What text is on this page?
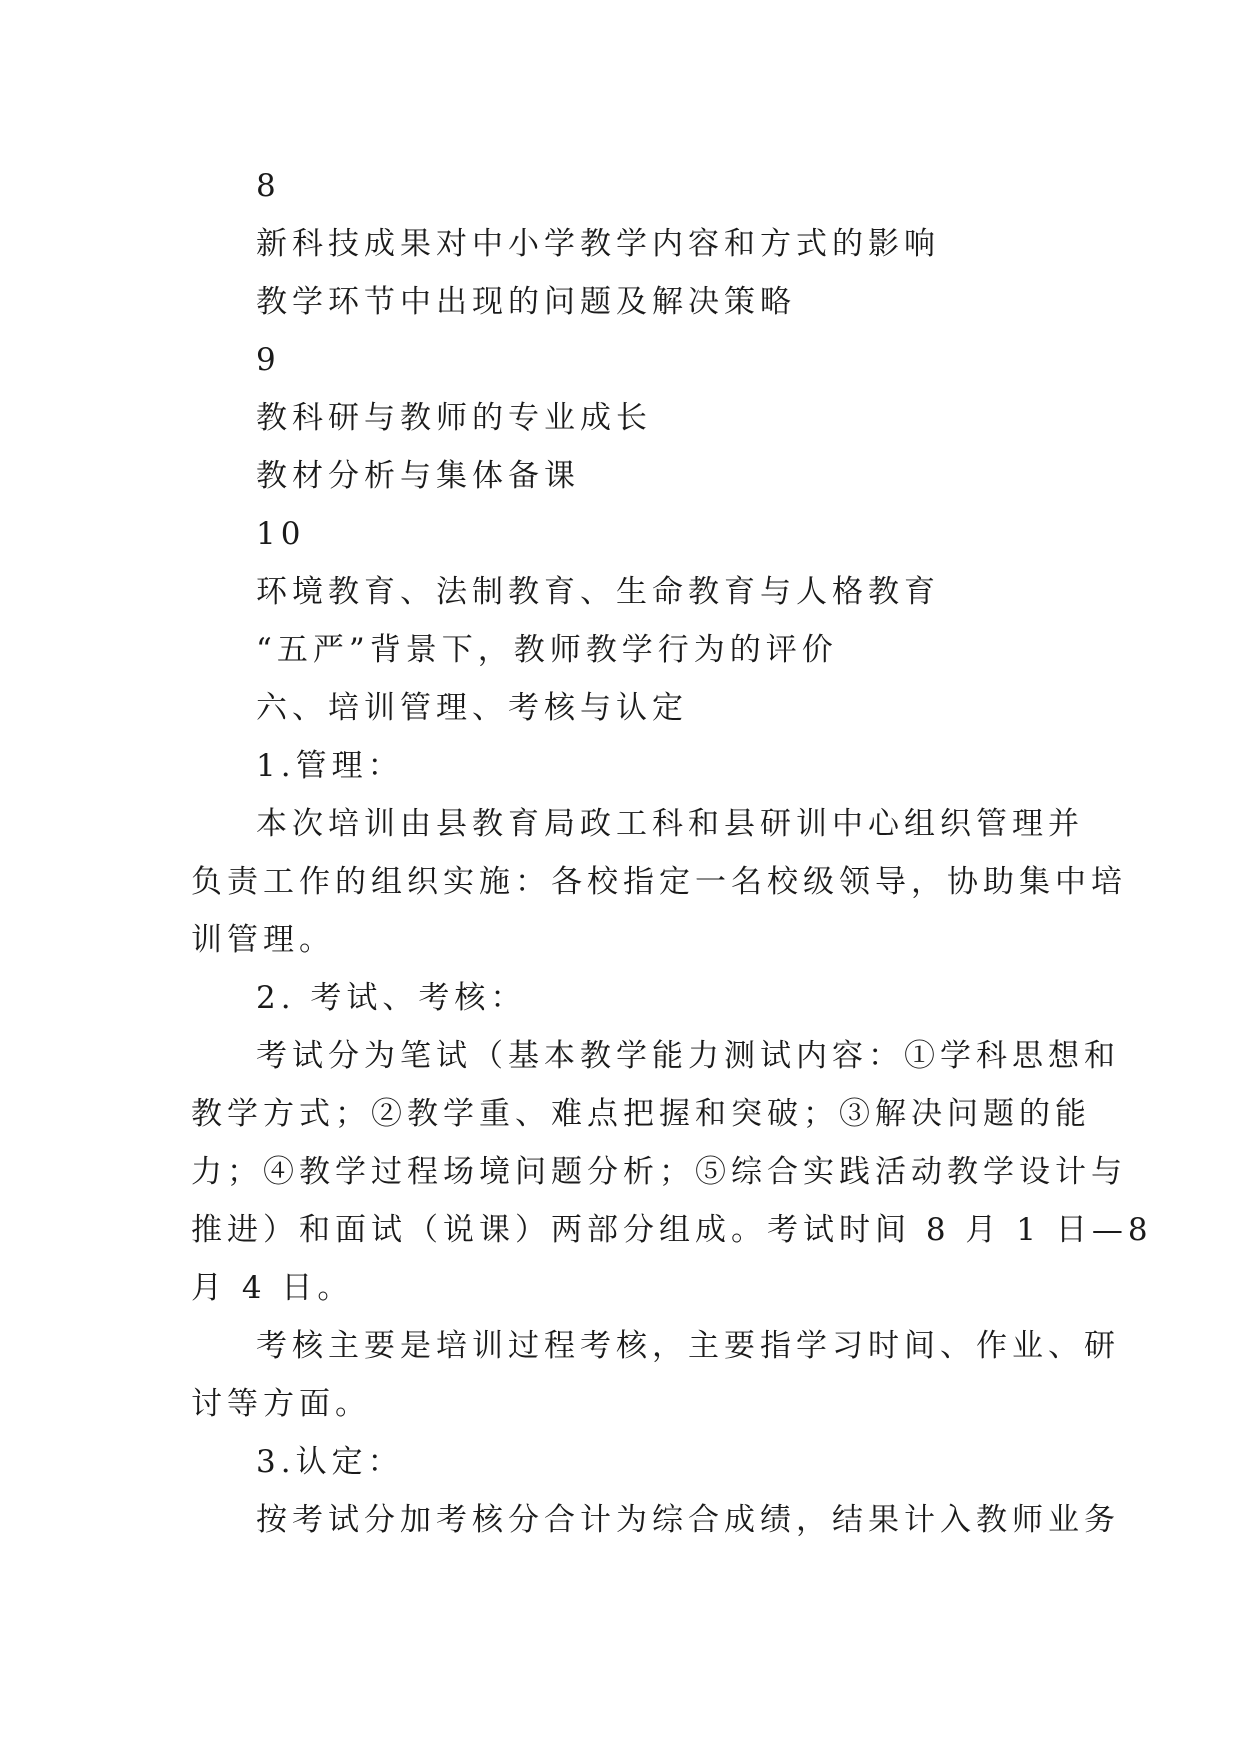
8
新科技成果对中小学教学内容和方式的影响
教学环节中出现的问题及解决策略
9
教科研与教师的专业成长
教材分析与集体备课
10
环境教育、法制教育、生命教育与人格教育
“五严”背景下，教师教学行为的评价
六、培训管理、考核与认定
1.管理：
本次培训由县教育局政工科和县研训中心组织管理并
负责工作的组织实施：各校指定一名校级领导，协助集中培
训管理。
2. 考试、考核：
考试分为笔试（基本教学能力测试内容：①学科思想和
教学方式；②教学重、难点把握和突破；③解决问题的能
力；④教学过程场境问题分析；⑤综合实践活动教学设计与
推进）和面试（说课）两部分组成。考试时间 8 月 1 日—8
月 4 日。
考核主要是培训过程考核，主要指学习时间、作业、研
讨等方面。
3.认定：
按考试分加考核分合计为综合成绩，结果计入教师业务
